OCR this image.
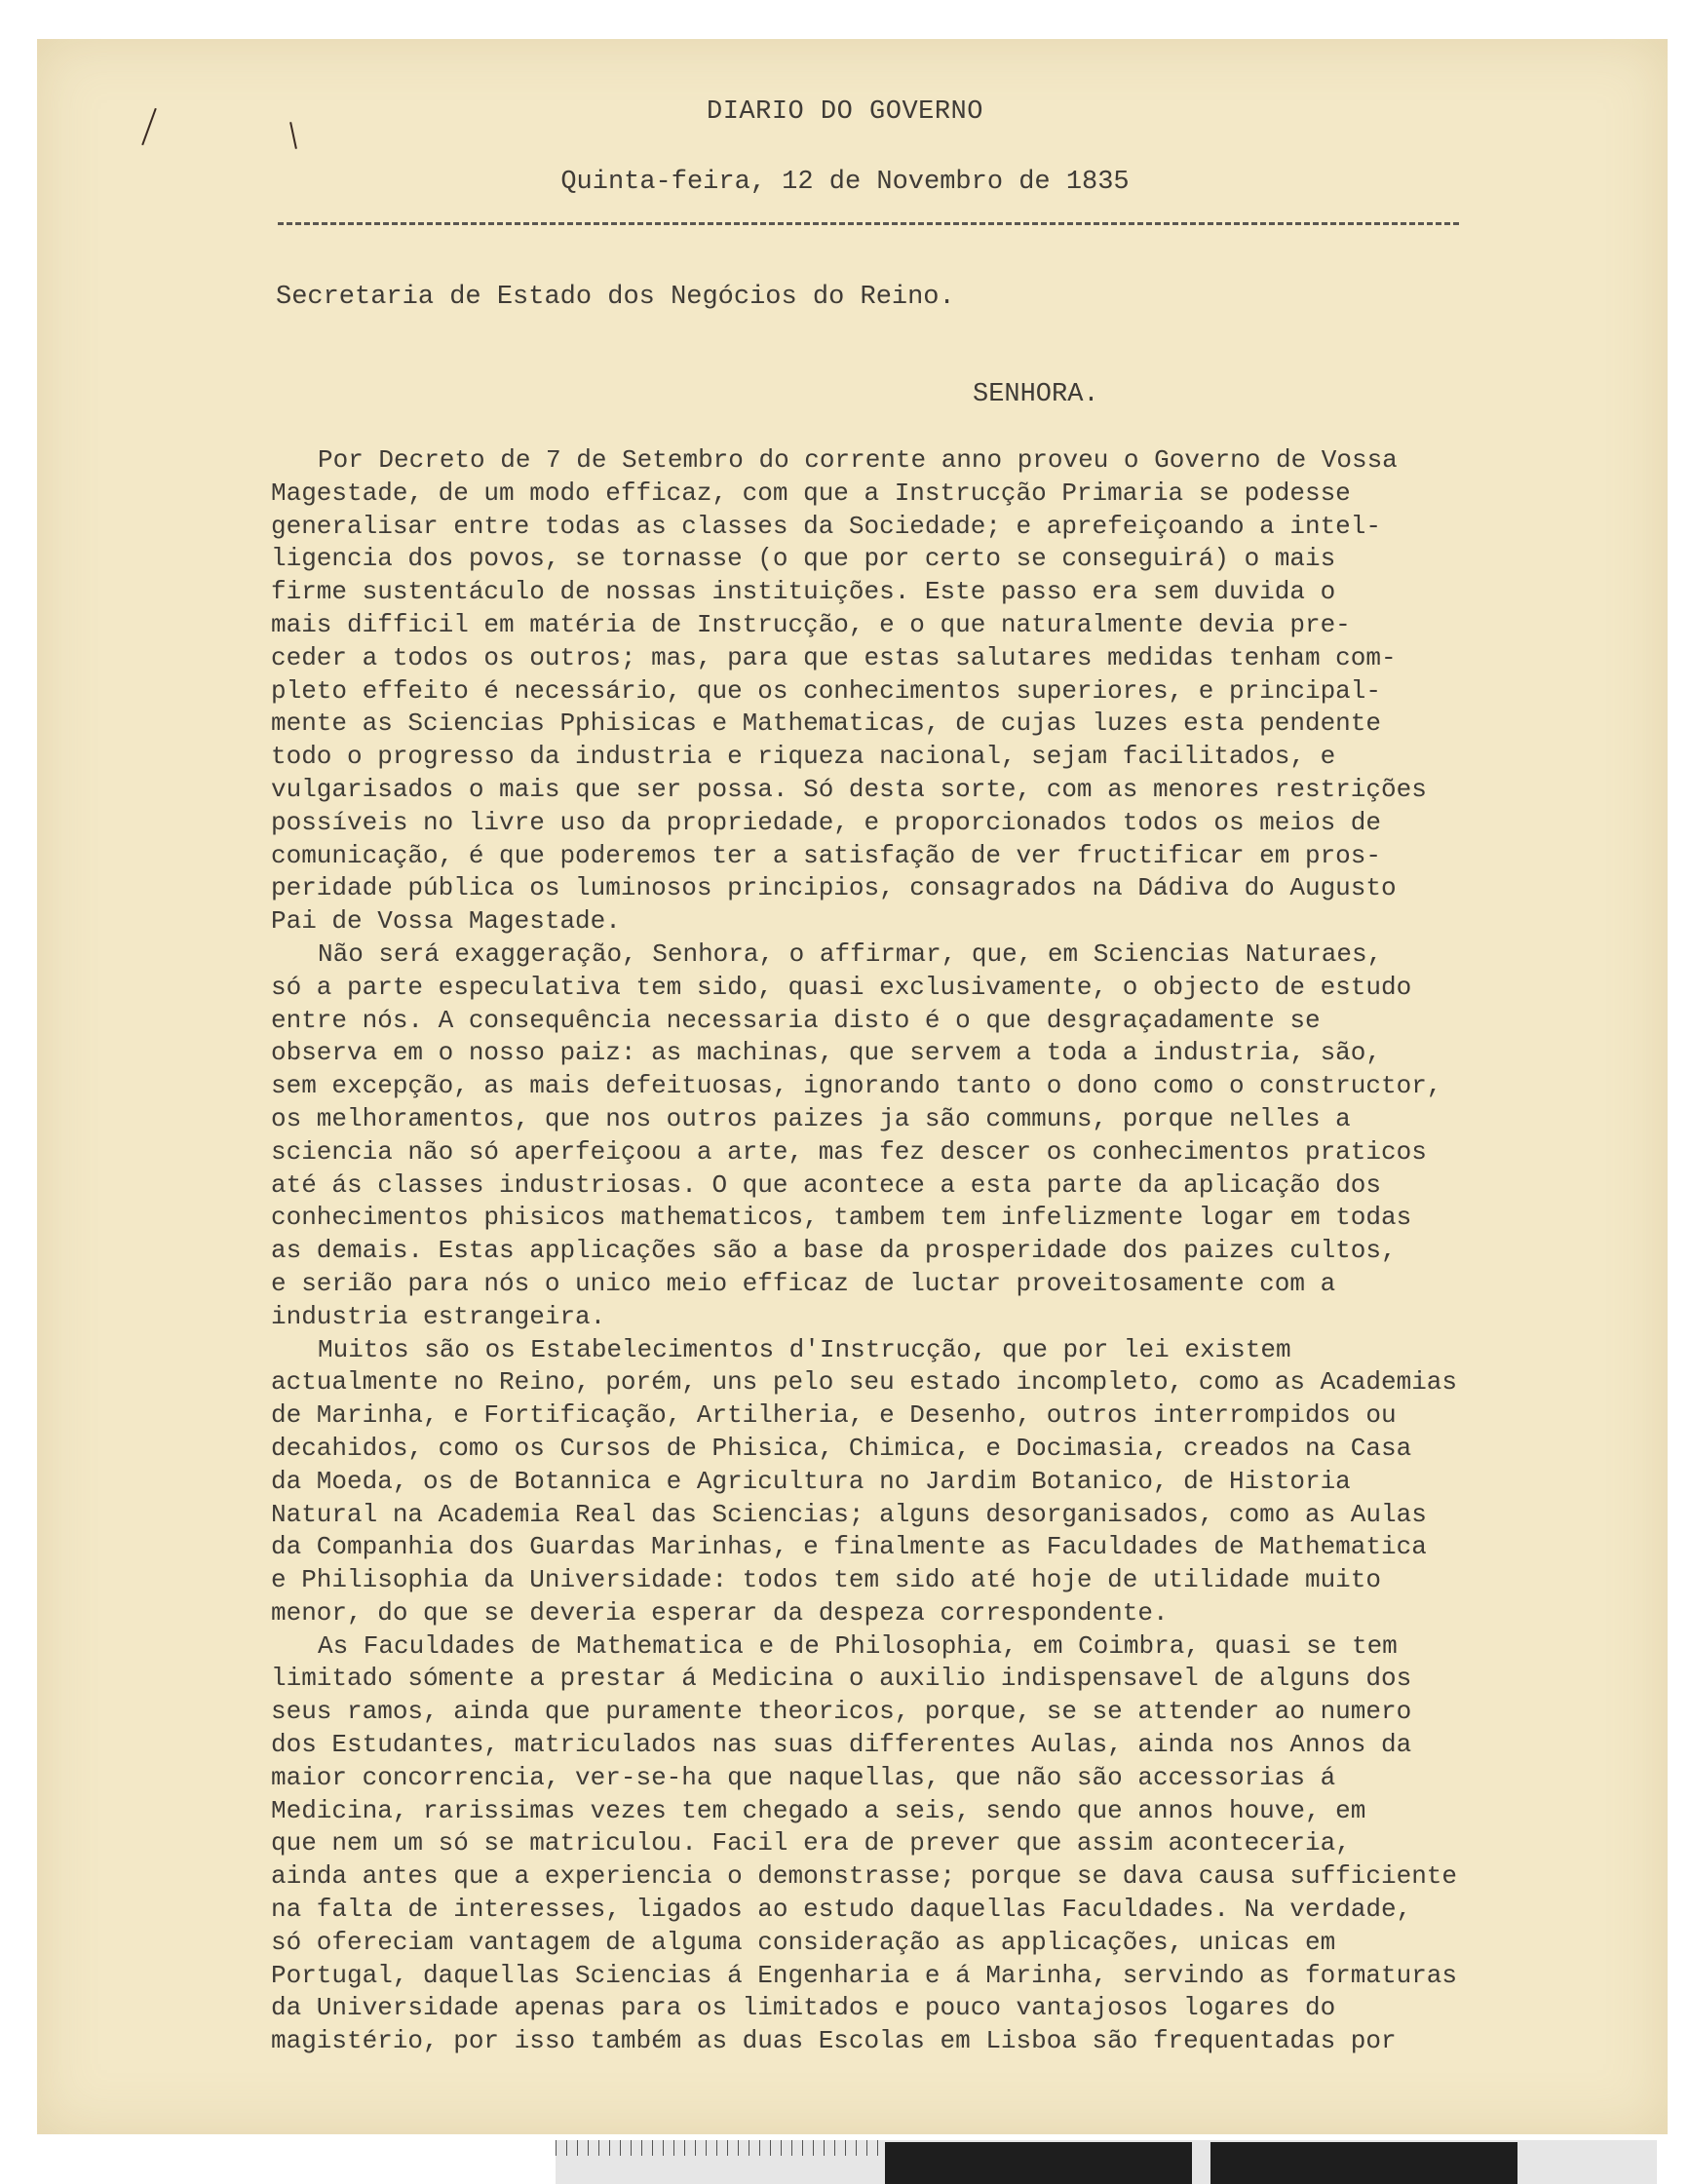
DIARIO DO GOVERNO
Quinta-feira, 12 de Novembro de 1835
Secretaria de Estado dos Negócios do Reino.
SENHORA.
Por Decreto de 7 de Setembro do corrente anno proveu o Governo de Vossa
Magestade, de um modo efficaz, com que a Instrucção Primaria se podesse
generalisar entre todas as classes da Sociedade; e aprefeiçoando a intel-
ligencia dos povos, se tornasse (o que por certo se conseguirá) o mais
firme sustentáculo de nossas instituições. Este passo era sem duvida o
mais difficil em matéria de Instrucção, e o que naturalmente devia pre-
ceder a todos os outros; mas, para que estas salutares medidas tenham com-
pleto effeito é necessário, que os conhecimentos superiores, e principal-
mente as Sciencias Pphisicas e Mathematicas, de cujas luzes esta pendente
todo o progresso da industria e riqueza nacional, sejam facilitados, e
vulgarisados o mais que ser possa. Só desta sorte, com as menores restrições
possíveis no livre uso da propriedade, e proporcionados todos os meios de
comunicação, é que poderemos ter a satisfação de ver fructificar em pros-
peridade pública os luminosos principios, consagrados na Dádiva do Augusto
Pai de Vossa Magestade.
Não será exaggeração, Senhora, o affirmar, que, em Sciencias Naturaes,
só a parte especulativa tem sido, quasi exclusivamente, o objecto de estudo
entre nós. A consequência necessaria disto é o que desgraçadamente se
observa em o nosso paiz: as machinas, que servem a toda a industria, são,
sem excepção, as mais defeituosas, ignorando tanto o dono como o constructor,
os melhoramentos, que nos outros paizes ja são communs, porque nelles a
sciencia não só aperfeiçoou a arte, mas fez descer os conhecimentos praticos
até ás classes industriosas. O que acontece a esta parte da aplicação dos
conhecimentos phisicos mathematicos, tambem tem infelizmente logar em todas
as demais. Estas applicações são a base da prosperidade dos paizes cultos,
e serião para nós o unico meio efficaz de luctar proveitosamente com a
industria estrangeira.
Muitos são os Estabelecimentos d'Instrucção, que por lei existem
actualmente no Reino, porém, uns pelo seu estado incompleto, como as Academias
de Marinha, e Fortificação, Artilheria, e Desenho, outros interrompidos ou
decahidos, como os Cursos de Phisica, Chimica, e Docimasia, creados na Casa
da Moeda, os de Botannica e Agricultura no Jardim Botanico, de Historia
Natural na Academia Real das Sciencias; alguns desorganisados, como as Aulas
da Companhia dos Guardas Marinhas, e finalmente as Faculdades de Mathematica
e Philisophia da Universidade: todos tem sido até hoje de utilidade muito
menor, do que se deveria esperar da despeza correspondente.
As Faculdades de Mathematica e de Philosophia, em Coimbra, quasi se tem
limitado sómente a prestar á Medicina o auxilio indispensavel de alguns dos
seus ramos, ainda que puramente theoricos, porque, se se attender ao numero
dos Estudantes, matriculados nas suas differentes Aulas, ainda nos Annos da
maior concorrencia, ver-se-ha que naquellas, que não são accessorias á
Medicina, rarissimas vezes tem chegado a seis, sendo que annos houve, em
que nem um só se matriculou. Facil era de prever que assim aconteceria,
ainda antes que a experiencia o demonstrasse; porque se dava causa sufficiente
na falta de interesses, ligados ao estudo daquellas Faculdades. Na verdade,
só ofereciam vantagem de alguma consideração as applicações, unicas em
Portugal, daquellas Sciencias á Engenharia e á Marinha, servindo as formaturas
da Universidade apenas para os limitados e pouco vantajosos logares do
magistério, por isso também as duas Escolas em Lisboa são frequentadas por
